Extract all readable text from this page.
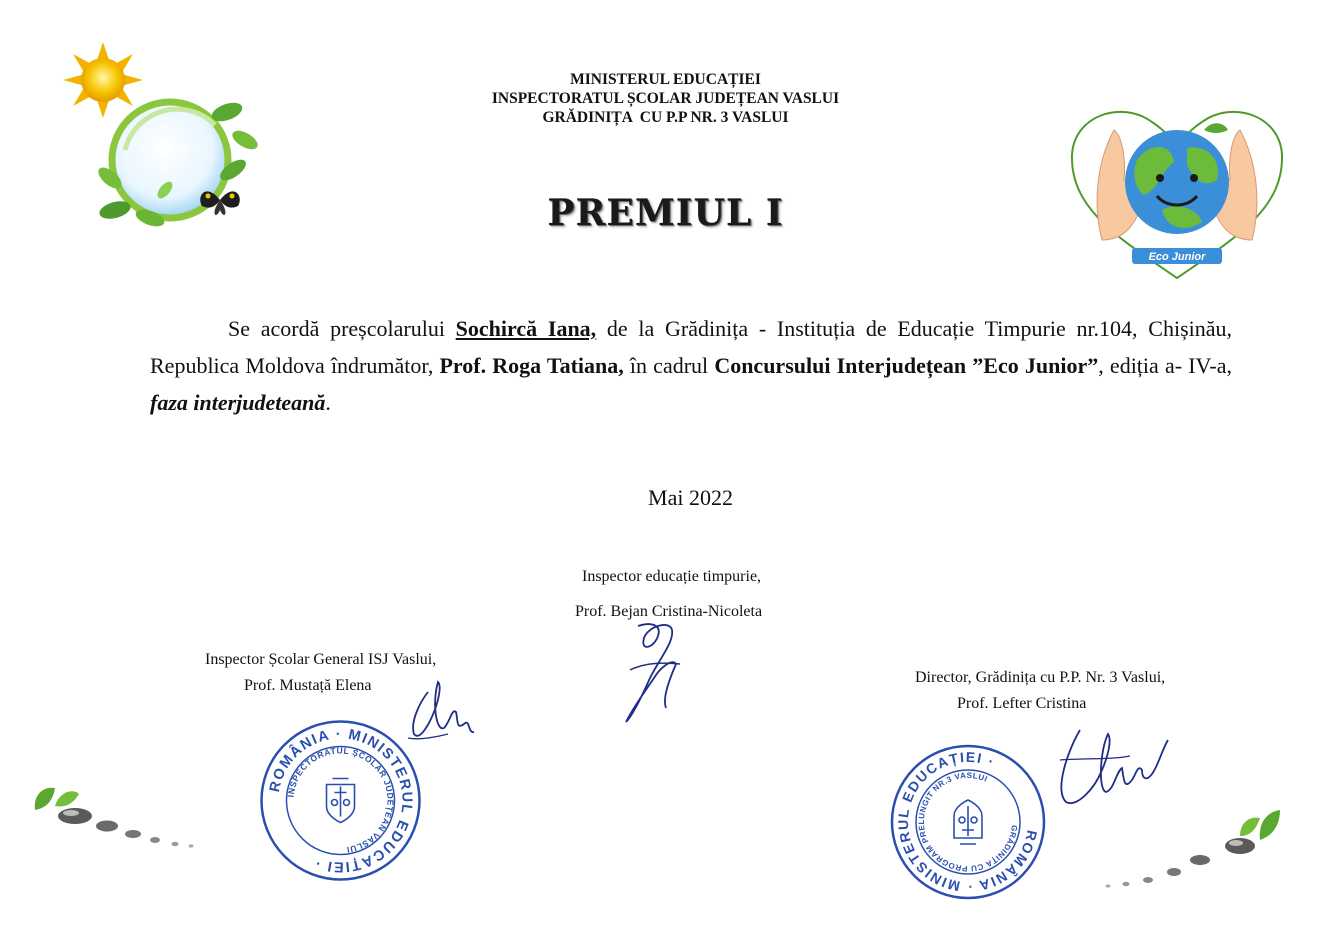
MINISTERUL EDUCAȚIEI
INSPECTORATUL ȘCOLAR JUDEȚEAN VASLUI
GRĂDINIȚA  CU P.P NR. 3 VASLUI
PREMIUL I
Eco Junior
Se acordă preșcolarului Sochircă Iana, de la Grădinița - Instituția de Educație Timpurie nr.104, Chișinău, Republica Moldova îndrumător, Prof. Roga Tatiana, în cadrul Concursului Interjudețean ”Eco Junior”, ediția a- IV-a, faza interjudeteană.
Mai 2022
Inspector educație timpurie,
Prof. Bejan Cristina-Nicoleta
Inspector Școlar General ISJ Vaslui,
Prof. Mustață Elena	Director, Grădinița cu P.P. Nr. 3 Vaslui,
Prof. Lefter Cristina
ROMÂNIA · MINISTERUL EDUCAȚIEI ·
INSPECTORATUL ȘCOLAR JUDEȚEAN VASLUI
ROMÂNIA · MINISTERUL EDUCAȚIEI ·
GRĂDINIȚA CU PROGRAM PRELUNGIT NR.3 VASLUI
